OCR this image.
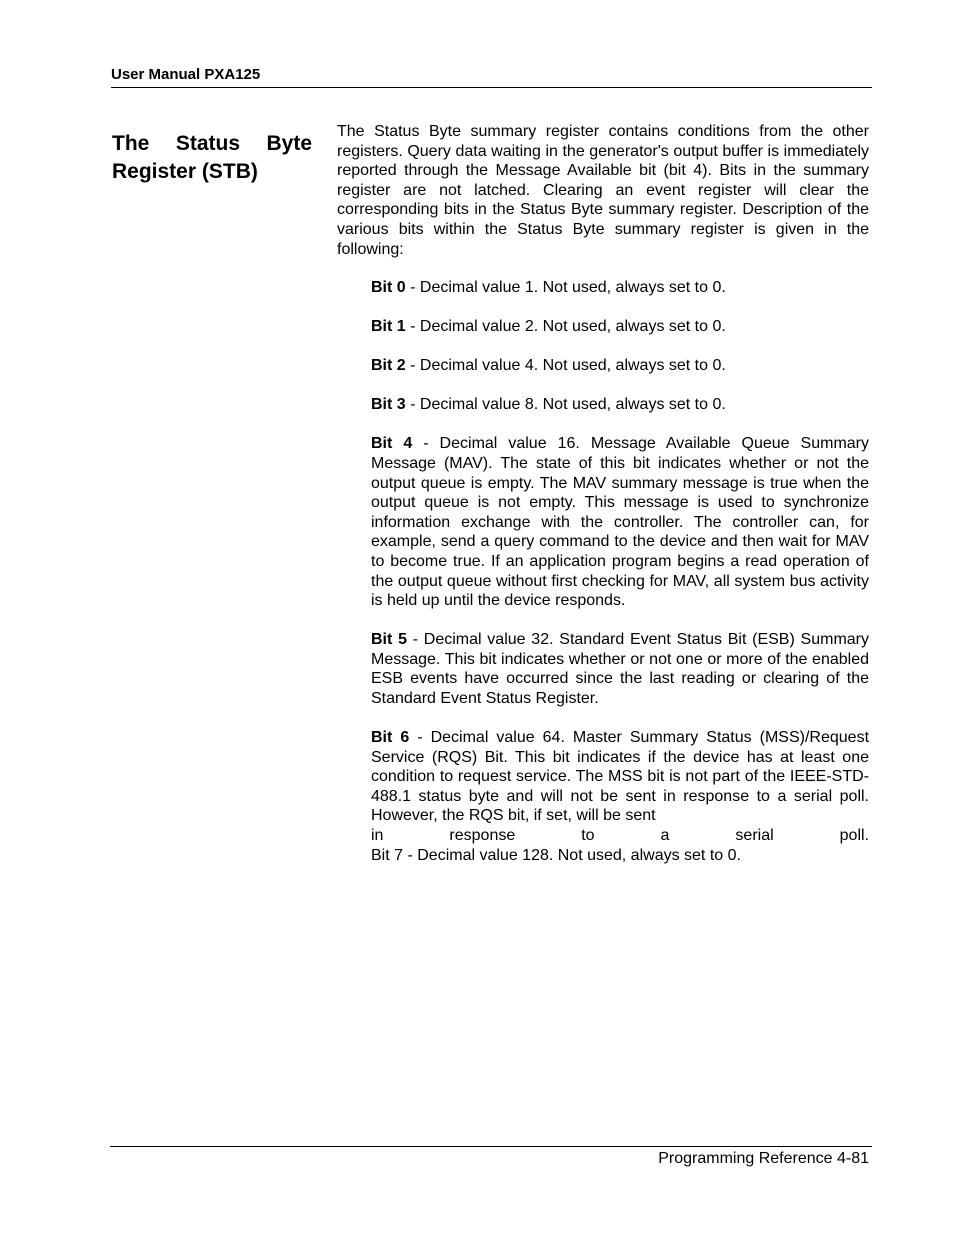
User Manual PXA125
The Status Byte
Register (STB)
The Status Byte summary register contains conditions from the other registers. Query data waiting in the generator's output buffer is immediately reported through the Message Available bit (bit 4). Bits in the summary register are not latched. Clearing an event register will clear the corresponding bits in the Status Byte summary register. Description of the various bits within the Status Byte summary register is given in the following:

Bit 0 - Decimal value 1. Not used, always set to 0.

Bit 1 - Decimal value 2. Not used, always set to 0.

Bit 2 - Decimal value 4. Not used, always set to 0.

Bit 3 - Decimal value 8. Not used, always set to 0.

Bit 4 - Decimal value 16. Message Available Queue Summary Message (MAV). The state of this bit indicates whether or not the output queue is empty. The MAV summary message is true when the output queue is not empty. This message is used to synchronize information exchange with the controller. The controller can, for example, send a query command to the device and then wait for MAV to become true. If an application program begins a read operation of the output queue without first checking for MAV, all system bus activity is held up until the device responds.

Bit 5 - Decimal value 32. Standard Event Status Bit (ESB) Summary Message. This bit indicates whether or not one or more of the enabled ESB events have occurred since the last reading or clearing of the Standard Event Status Register.

Bit 6 - Decimal value 64. Master Summary Status (MSS)/Request Service (RQS) Bit. This bit indicates if the device has at least one condition to request service. The MSS bit is not part of the IEEE-STD-488.1 status byte and will not be sent in response to a serial poll. However, the RQS bit, if set, will be sent
in response to a serial poll.
Bit 7 - Decimal value 128. Not used, always set to 0.

Programming Reference 4-81
